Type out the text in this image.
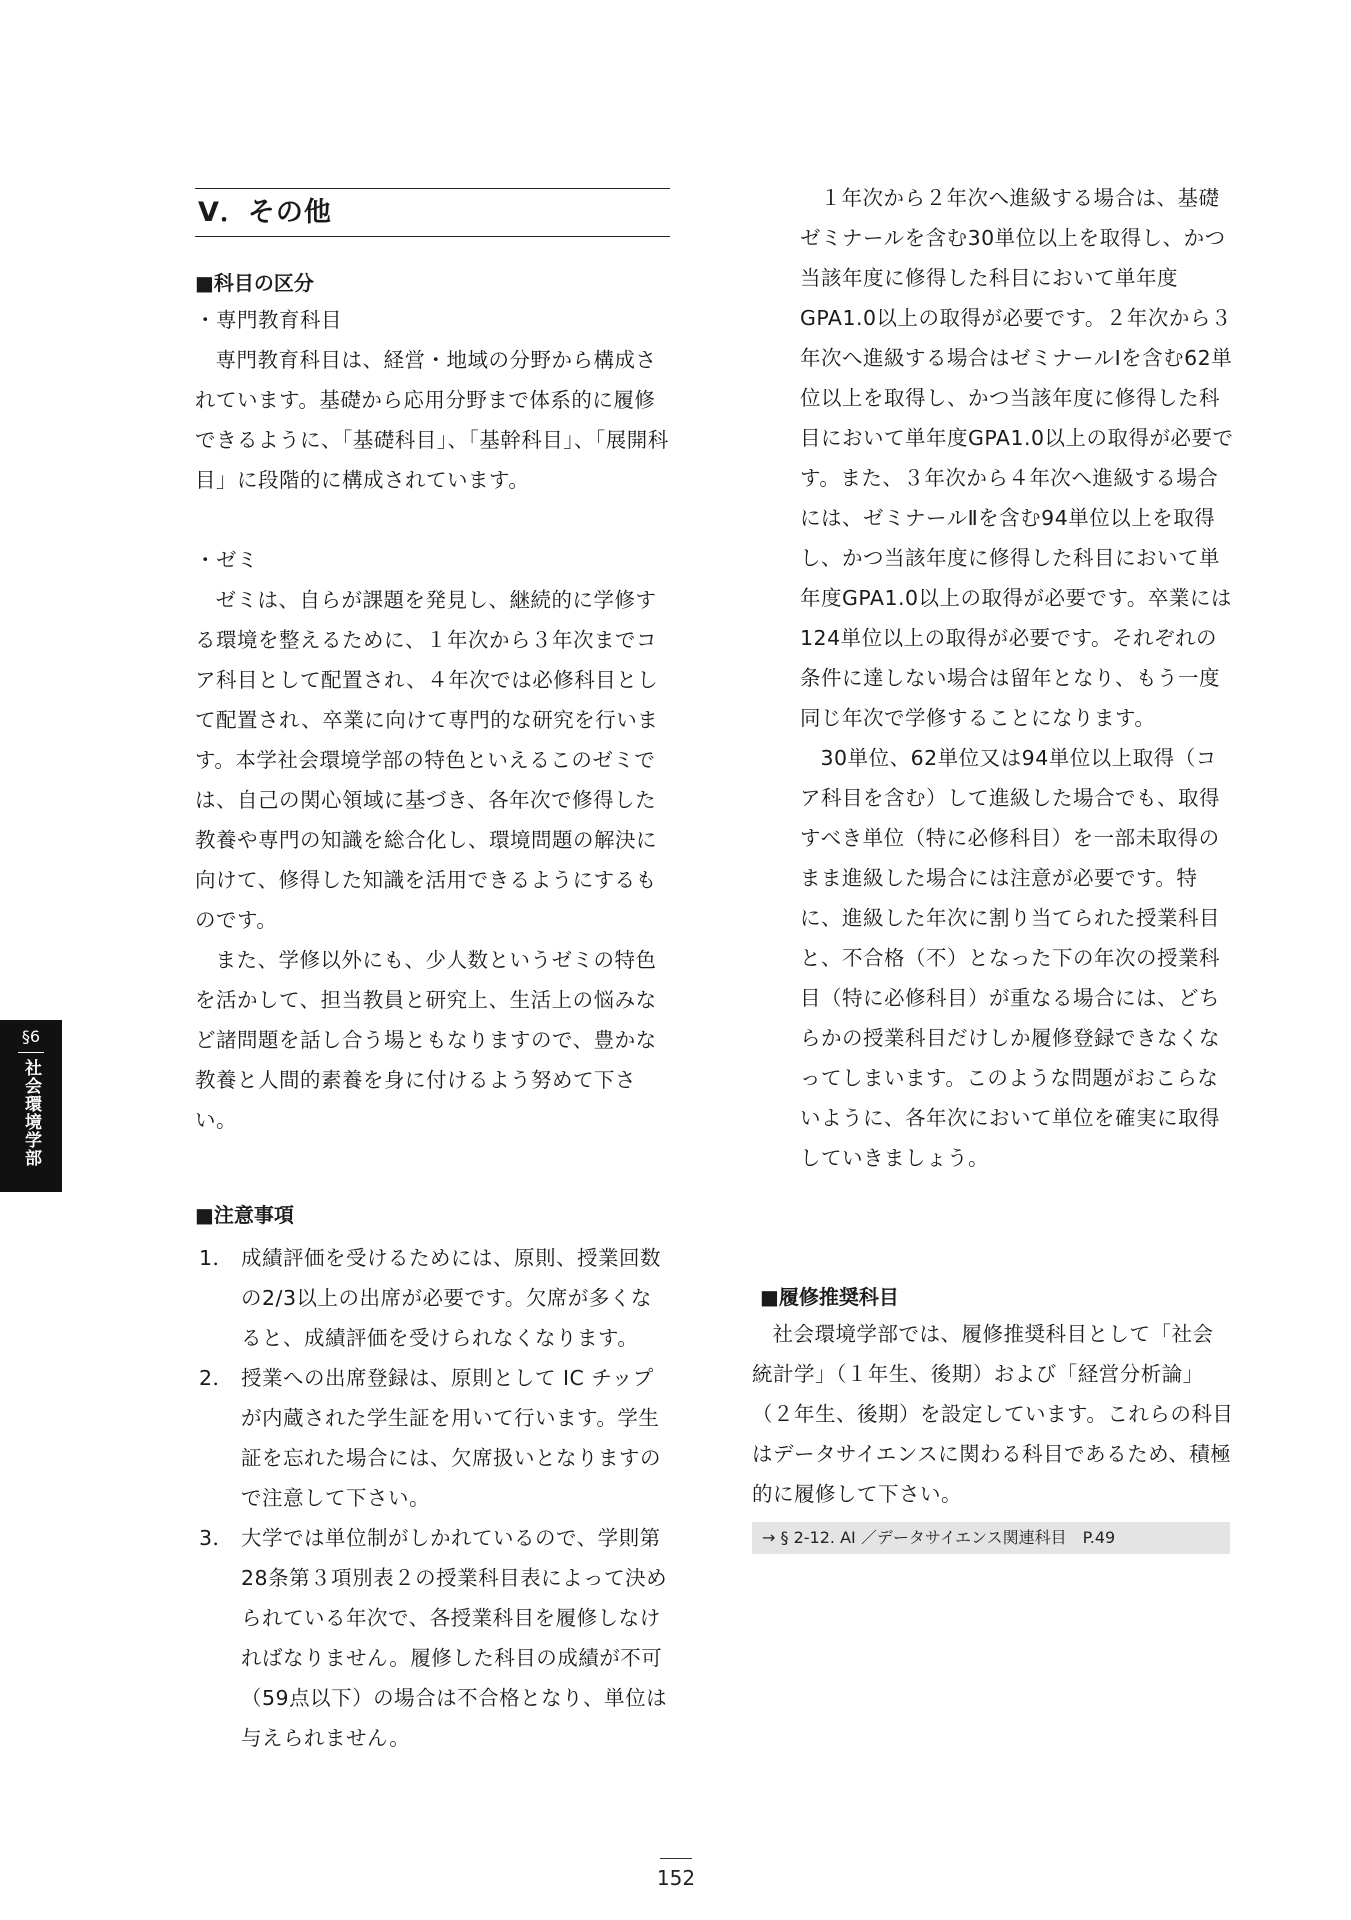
Ⅴ．その他
■科目の区分

・専門教育科目

専門教育科目は、経営・地域の分野から構成されています。基礎から応用分野まで体系的に履修できるように、「基礎科目」、「基幹科目」、「展開科目」に段階的に構成されています。

・ゼミ

ゼミは、自らが課題を発見し、継続的に学修する環境を整えるために、１年次から３年次までコア科目として配置され、４年次では必修科目として配置され、卒業に向けて専門的な研究を行います。本学社会環境学部の特色といえるこのゼミでは、自己の関心領域に基づき、各年次で修得した教養や専門の知識を総合化し、環境問題の解決に向けて、修得した知識を活用できるようにするものです。

また、学修以外にも、少人数というゼミの特色を活かして、担当教員と研究上、生活上の悩みなど諸問題を話し合う場ともなりますので、豊かな教養と人間的素養を身に付けるよう努めて下さい。

■注意事項
1． 成績評価を受けるためには、原則、授業回数の2/3以上の出席が必要です。欠席が多くなると、成績評価を受けられなくなります。
2． 授業への出席登録は、原則として IC チップが内蔵された学生証を用いて行います。学生証を忘れた場合には、欠席扱いとなりますので注意して下さい。
3． 大学では単位制がしかれているので、学則第28条第３項別表２の授業科目表によって決められている年次で、各授業科目を履修しなければなりません。履修した科目の成績が不可（59点以下）の場合は不合格となり、単位は与えられません。

１年次から２年次へ進級する場合は、基礎ゼミナールを含む30単位以上を取得し、かつ当該年度に修得した科目において単年度 GPA1.0以上の取得が必要です。２年次から３年次へ進級する場合はゼミナールⅠを含む62単位以上を取得し、かつ当該年度に修得した科目において単年度GPA1.0以上の取得が必要です。また、３年次から４年次へ進級する場合には、ゼミナールⅡを含む94単位以上を取得し、かつ当該年度に修得した科目において単年度GPA1.0以上の取得が必要です。卒業には124単位以上の取得が必要です。それぞれの条件に達しない場合は留年となり、もう一度同じ年次で学修することになります。

30単位、62単位又は94単位以上取得（コア科目を含む）して進級した場合でも、取得すべき単位（特に必修科目）を一部未取得のまま進級した場合には注意が必要です。特に、進級した年次に割り当てられた授業科目と、不合格（不）となった下の年次の授業科目（特に必修科目）が重なる場合には、どちらかの授業科目だけしか履修登録できなくなってしまいます。このような問題がおこらないように、各年次において単位を確実に取得していきましょう。

■履修推奨科目

社会環境学部では、履修推奨科目として「社会統計学」（１年生、後期）および「経営分析論」（２年生、後期）を設定しています。これらの科目はデータサイエンスに関わる科目であるため、積極的に履修して下さい。

→ § 2-12. AI ／データサイエンス関連科目　P.49
§6
社会環境学部
152
